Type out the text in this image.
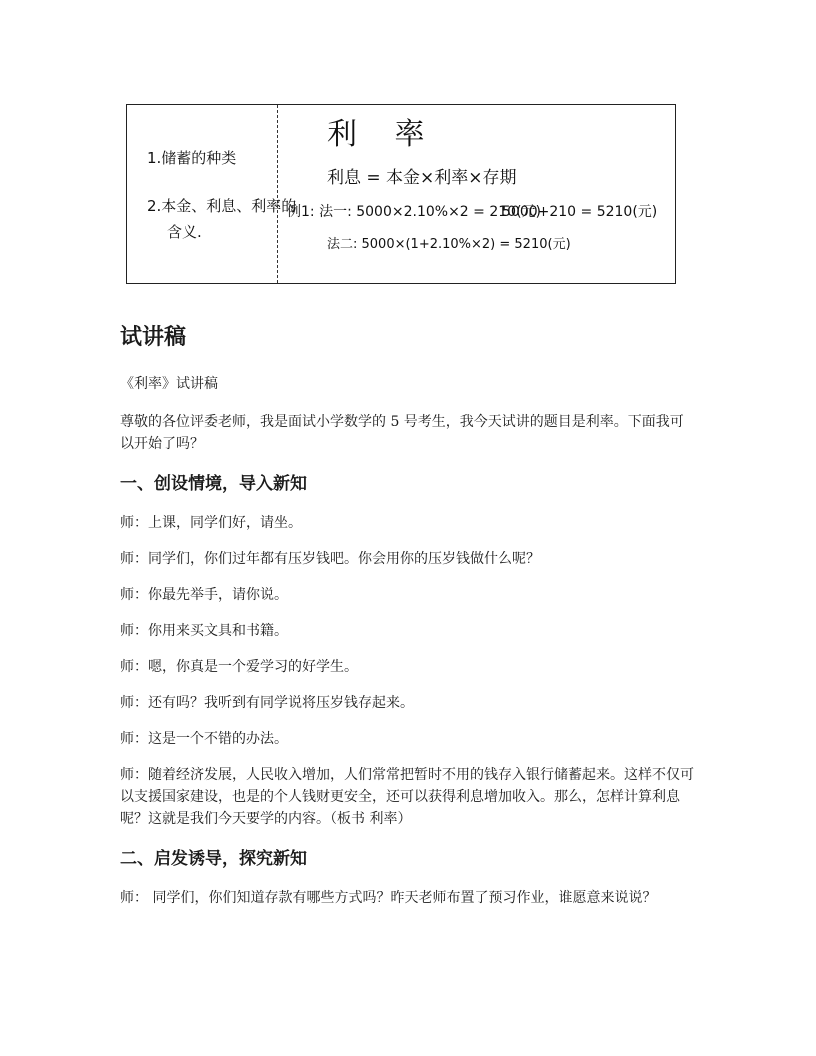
利 率
1.储蓄的种类
2.本金、利息、利率的
含义.
利息 = 本金×利率×存期
例1: 法一: 5000×2.10%×2 = 210(元)
5000+210 = 5210(元)
法二: 5000×(1+2.10%×2) = 5210(元)
试讲稿

《利率》试讲稿

尊敬的各位评委老师，我是面试小学数学的 5 号考生，我今天试讲的题目是利率。下面我可以开始了吗？

一、创设情境，导入新知

师：上课，同学们好，请坐。

师：同学们，你们过年都有压岁钱吧。你会用你的压岁钱做什么呢？

师：你最先举手，请你说。

师：你用来买文具和书籍。

师：嗯，你真是一个爱学习的好学生。

师：还有吗？我听到有同学说将压岁钱存起来。

师：这是一个不错的办法。

师：随着经济发展，人民收入增加，人们常常把暂时不用的钱存入银行储蓄起来。这样不仅可以支援国家建设，也是的个人钱财更安全，还可以获得利息增加收入。那么，怎样计算利息呢？这就是我们今天要学的内容。（板书 利率）

二、启发诱导，探究新知

师： 同学们，你们知道存款有哪些方式吗？昨天老师布置了预习作业，谁愿意来说说？
